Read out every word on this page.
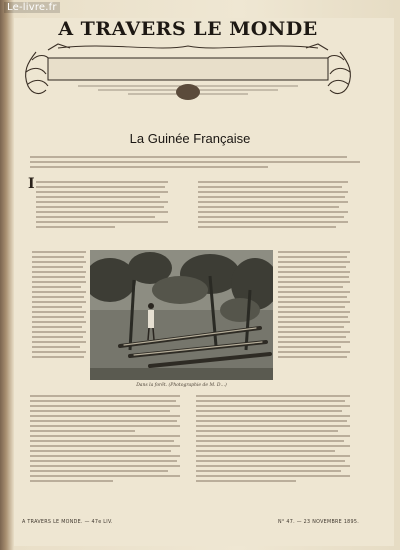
Le-livre.fr
A TRAVERS LE MONDE
La Guinée Française
I
Dans la forêt. (Photographie de M. D…)
A TRAVERS LE MONDE. — 47e LIV.	N° 47. — 23 NOVEMBRE 1895.
